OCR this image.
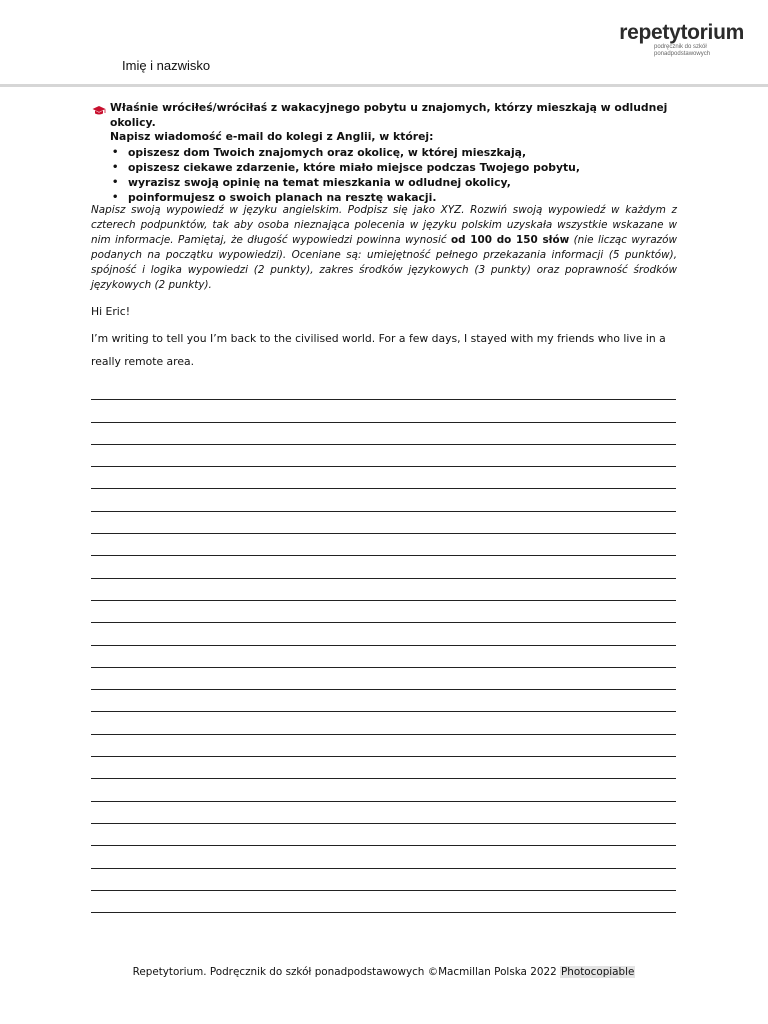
Imię i nazwisko
repetytorium
podręcznik do szkół
ponadpodstawowych
Właśnie wróciłeś/wróciłaś z wakacyjnego pobytu u znajomych, którzy mieszkają w odludnej okolicy.
Napisz wiadomość e-mail do kolegi z Anglii, w której:
• opiszesz dom Twoich znajomych oraz okolicę, w której mieszkają,
• opiszesz ciekawe zdarzenie, które miało miejsce podczas Twojego pobytu,
• wyrazisz swoją opinię na temat mieszkania w odludnej okolicy,
• poinformujesz o swoich planach na resztę wakacji.
Napisz swoją wypowiedź w języku angielskim. Podpisz się jako XYZ. Rozwiń swoją wypowiedź w każdym z czterech podpunktów, tak aby osoba nieznająca polecenia w języku polskim uzyskała wszystkie wskazane w nim informacje. Pamiętaj, że długość wypowiedzi powinna wynosić od 100 do 150 słów (nie licząc wyrazów podanych na początku wypowiedzi). Oceniane są: umiejętność pełnego przekazania informacji (5 punktów), spójność i logika wypowiedzi (2 punkty), zakres środków językowych (3 punkty) oraz poprawność środków językowych (2 punkty).
Hi Eric!
I’m writing to tell you I’m back to the civilised world. For a few days, I stayed with my friends who live in a really remote area.
Repetytorium. Podręcznik do szkół ponadpodstawowych ©Macmillan Polska 2022 Photocopiable
